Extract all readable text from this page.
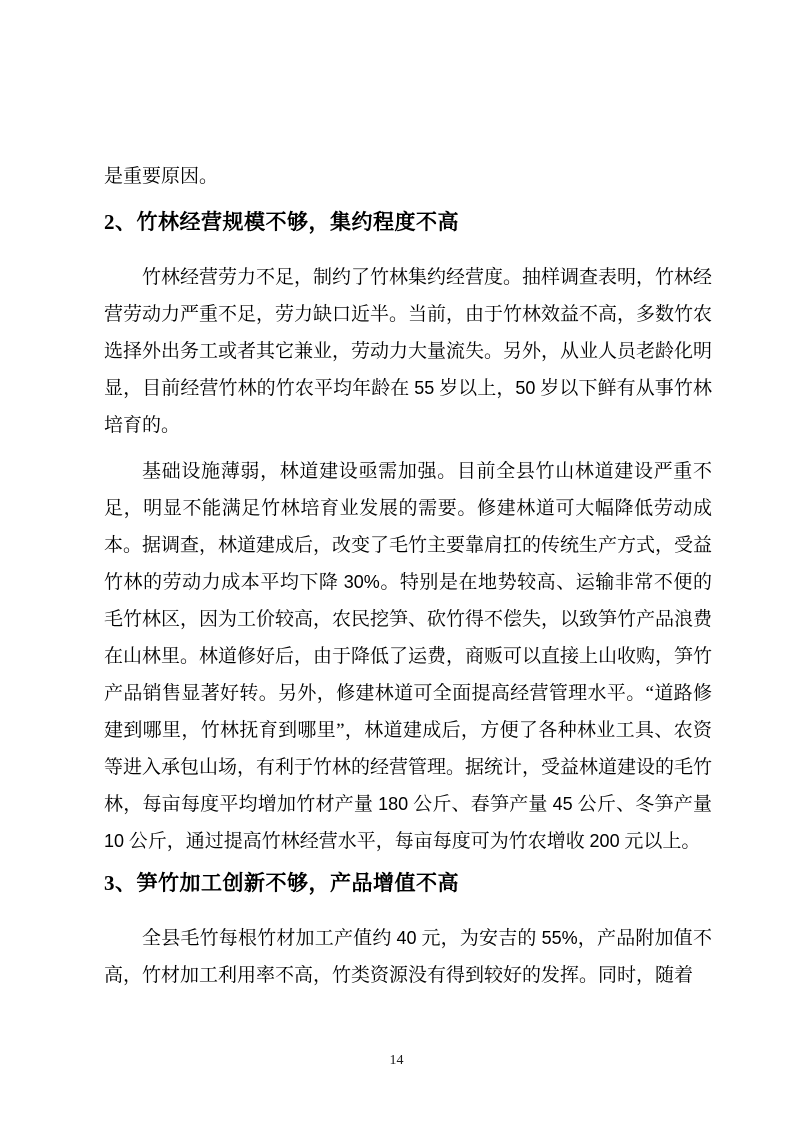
是重要原因。

2、竹林经营规模不够，集约程度不高

竹林经营劳力不足，制约了竹林集约经营度。抽样调查表明，竹林经营劳动力严重不足，劳力缺口近半。当前，由于竹林效益不高，多数竹农选择外出务工或者其它兼业，劳动力大量流失。另外，从业人员老龄化明显，目前经营竹林的竹农平均年龄在 55 岁以上，50 岁以下鲜有从事竹林培育的。

基础设施薄弱，林道建设亟需加强。目前全县竹山林道建设严重不足，明显不能满足竹林培育业发展的需要。修建林道可大幅降低劳动成本。据调查，林道建成后，改变了毛竹主要靠肩扛的传统生产方式，受益竹林的劳动力成本平均下降 30%。特别是在地势较高、运输非常不便的毛竹林区，因为工价较高，农民挖笋、砍竹得不偿失，以致笋竹产品浪费在山林里。林道修好后，由于降低了运费，商贩可以直接上山收购，笋竹产品销售显著好转。另外，修建林道可全面提高经营管理水平。“道路修建到哪里，竹林抚育到哪里”，林道建成后，方便了各种林业工具、农资等进入承包山场，有利于竹林的经营管理。据统计，受益林道建设的毛竹林，每亩每度平均增加竹材产量 180 公斤、春笋产量 45 公斤、冬笋产量 10 公斤，通过提高竹林经营水平，每亩每度可为竹农增收 200 元以上。

3、笋竹加工创新不够，产品增值不高

全县毛竹每根竹材加工产值约 40 元，为安吉的 55%，产品附加值不高，竹材加工利用率不高，竹类资源没有得到较好的发挥。同时，随着

14
